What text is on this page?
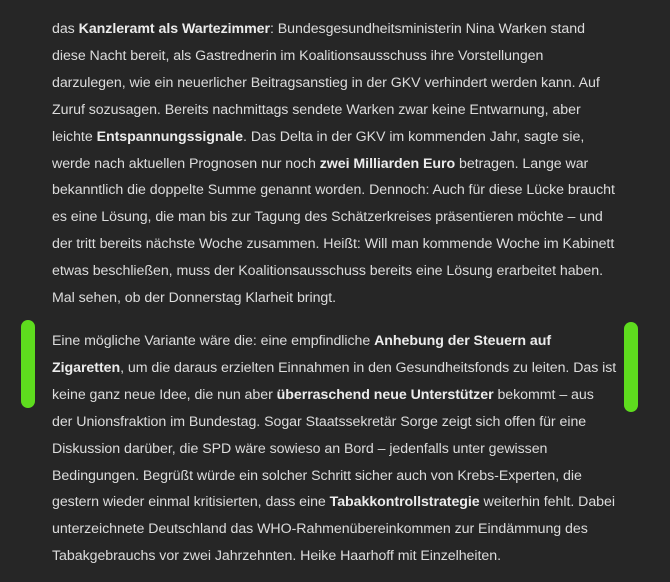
das Kanzleramt als Wartezimmer: Bundesgesundheitsministerin Nina Warken stand diese Nacht bereit, als Gastrednerin im Koalitionsausschuss ihre Vorstellungen darzulegen, wie ein neuerlicher Beitragsanstieg in der GKV verhindert werden kann. Auf Zuruf sozusagen. Bereits nachmittags sendete Warken zwar keine Entwarnung, aber leichte Entspannungssignale. Das Delta in der GKV im kommenden Jahr, sagte sie, werde nach aktuellen Prognosen nur noch zwei Milliarden Euro betragen. Lange war bekanntlich die doppelte Summe genannt worden. Dennoch: Auch für diese Lücke braucht es eine Lösung, die man bis zur Tagung des Schätzerkreises präsentieren möchte – und der tritt bereits nächste Woche zusammen. Heißt: Will man kommende Woche im Kabinett etwas beschließen, muss der Koalitionsausschuss bereits eine Lösung erarbeitet haben. Mal sehen, ob der Donnerstag Klarheit bringt.

Eine mögliche Variante wäre die: eine empfindliche Anhebung der Steuern auf Zigaretten, um die daraus erzielten Einnahmen in den Gesundheitsfonds zu leiten. Das ist keine ganz neue Idee, die nun aber überraschend neue Unterstützer bekommt – aus der Unionsfraktion im Bundestag. Sogar Staatssekretär Sorge zeigt sich offen für eine Diskussion darüber, die SPD wäre sowieso an Bord – jedenfalls unter gewissen Bedingungen. Begrüßt würde ein solcher Schritt sicher auch von Krebs-Experten, die gestern wieder einmal kritisierten, dass eine Tabakkontrollstrategie weiterhin fehlt. Dabei unterzeichnete Deutschland das WHO-Rahmenübereinkommen zur Eindämmung des Tabakgebrauchs vor zwei Jahrzehnten. Heike Haarhoff mit Einzelheiten.
